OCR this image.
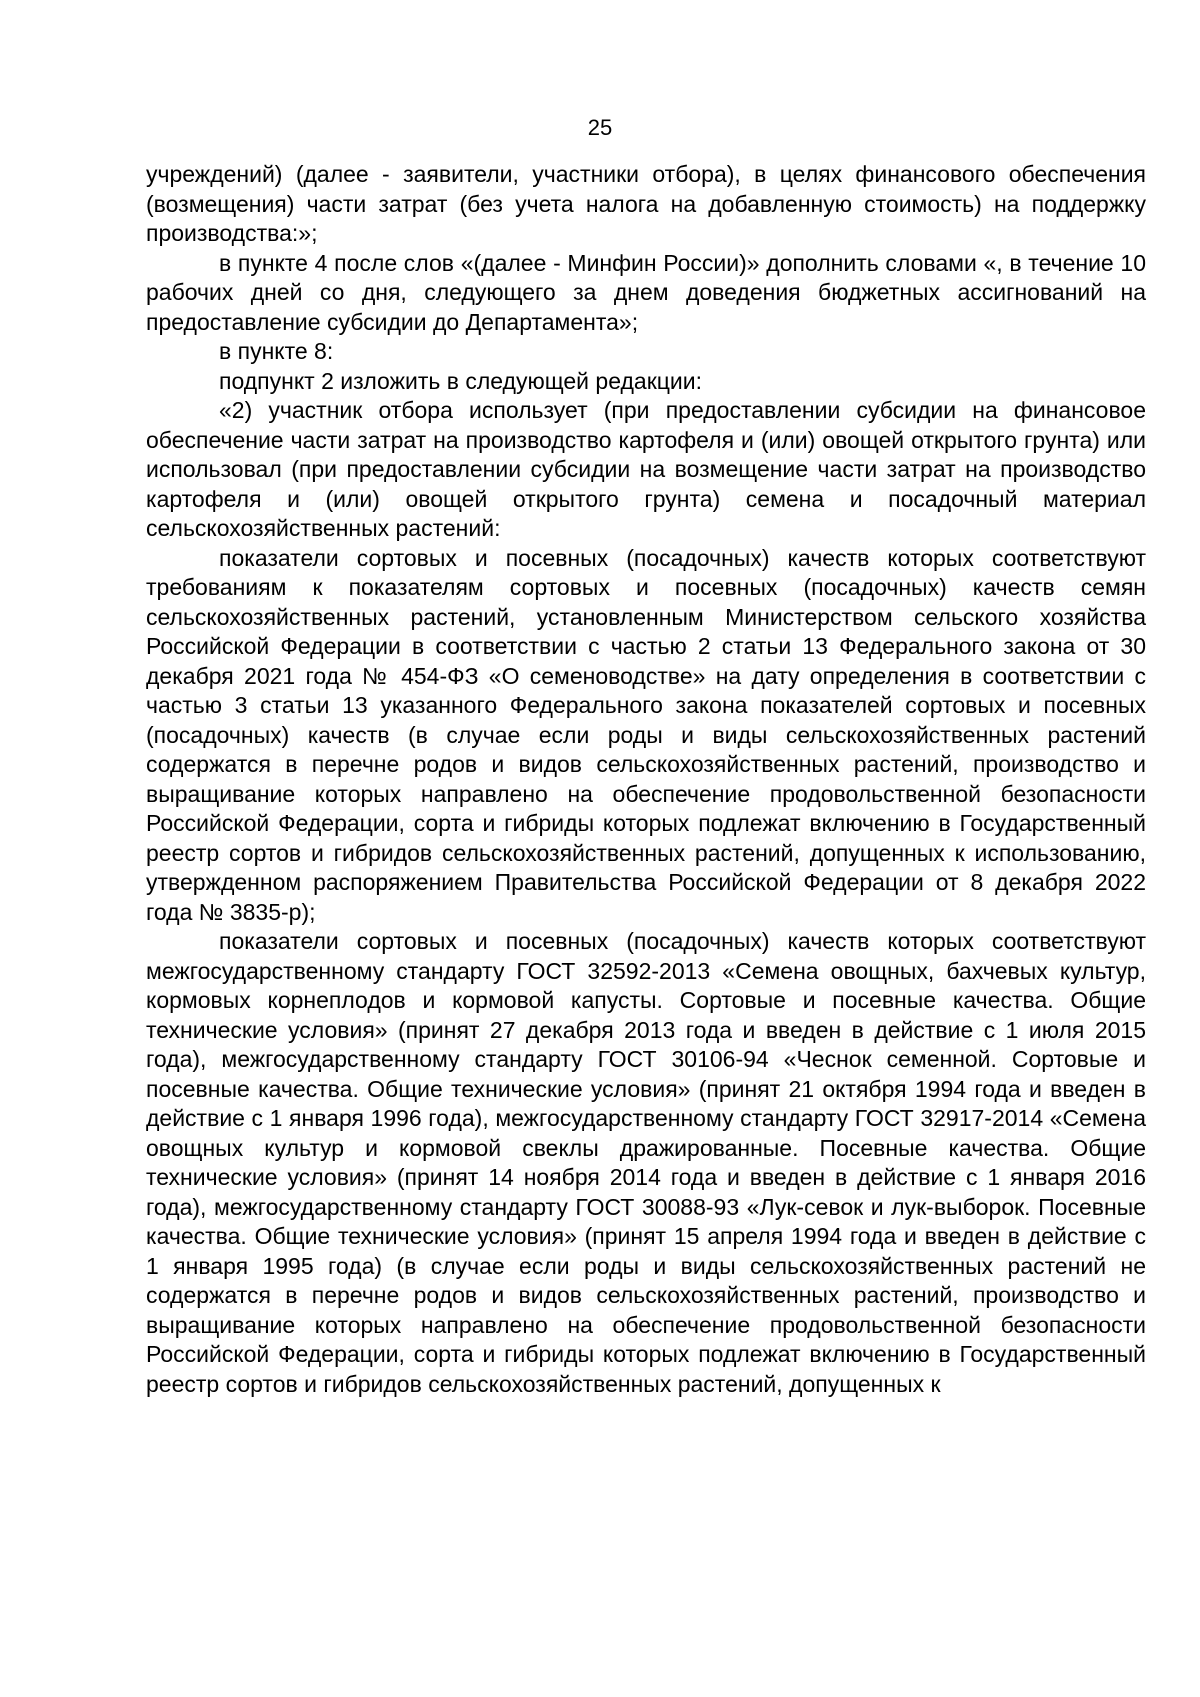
25

учреждений) (далее - заявители, участники отбора), в целях финансового обеспечения (возмещения) части затрат (без учета налога на добавленную стоимость) на поддержку производства:»;

в пункте 4 после слов «(далее - Минфин России)» дополнить словами «, в течение 10 рабочих дней со дня, следующего за днем доведения бюджетных ассигнований на предоставление субсидии до Департамента»;

в пункте 8:

подпункт 2 изложить в следующей редакции:

«2) участник отбора использует (при предоставлении субсидии на финансовое обеспечение части затрат на производство картофеля и (или) овощей открытого грунта) или использовал (при предоставлении субсидии на возмещение части затрат на производство картофеля и (или) овощей открытого грунта) семена и посадочный материал сельскохозяйственных растений:

показатели сортовых и посевных (посадочных) качеств которых соответствуют требованиям к показателям сортовых и посевных (посадочных) качеств семян сельскохозяйственных растений, установленным Министерством сельского хозяйства Российской Федерации в соответствии с частью 2 статьи 13 Федерального закона от 30 декабря 2021 года № 454-ФЗ «О семеноводстве» на дату определения в соответствии с частью 3 статьи 13 указанного Федерального закона показателей сортовых и посевных (посадочных) качеств (в случае если роды и виды сельскохозяйственных растений содержатся в перечне родов и видов сельскохозяйственных растений, производство и выращивание которых направлено на обеспечение продовольственной безопасности Российской Федерации, сорта и гибриды которых подлежат включению в Государственный реестр сортов и гибридов сельскохозяйственных растений, допущенных к использованию, утвержденном распоряжением Правительства Российской Федерации от 8 декабря 2022 года № 3835-р);

показатели сортовых и посевных (посадочных) качеств которых соответствуют межгосударственному стандарту ГОСТ 32592-2013 «Семена овощных, бахчевых культур, кормовых корнеплодов и кормовой капусты. Сортовые и посевные качества. Общие технические условия» (принят 27 декабря 2013 года и введен в действие с 1 июля 2015 года), межгосударственному стандарту ГОСТ 30106-94 «Чеснок семенной. Сортовые и посевные качества. Общие технические условия» (принят 21 октября 1994 года и введен в действие с 1 января 1996 года), межгосударственному стандарту ГОСТ 32917-2014 «Семена овощных культур и кормовой свеклы дражированные. Посевные качества. Общие технические условия» (принят 14 ноября 2014 года и введен в действие с 1 января 2016 года), межгосударственному стандарту ГОСТ 30088-93 «Лук-севок и лук-выборок. Посевные качества. Общие технические условия» (принят 15 апреля 1994 года и введен в действие с 1 января 1995 года) (в случае если роды и виды сельскохозяйственных растений не содержатся в перечне родов и видов сельскохозяйственных растений, производство и выращивание которых направлено на обеспечение продовольственной безопасности Российской Федерации, сорта и гибриды которых подлежат включению в Государственный реестр сортов и гибридов сельскохозяйственных растений, допущенных к
